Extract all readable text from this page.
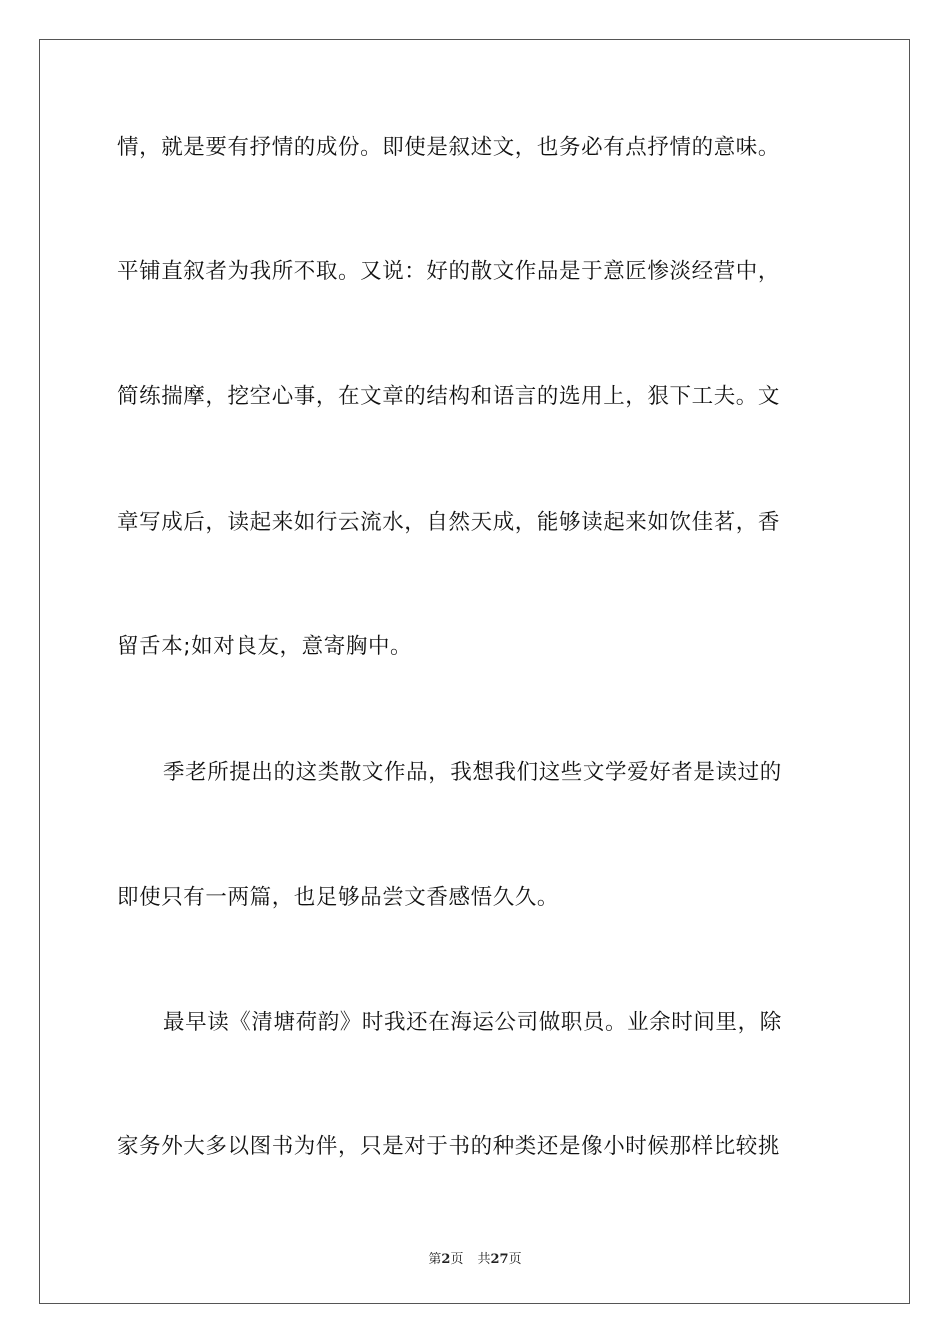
情，就是要有抒情的成份。即使是叙述文，也务必有点抒情的意味。
平铺直叙者为我所不取。又说：好的散文作品是于意匠惨淡经营中，
简练揣摩，挖空心事，在文章的结构和语言的选用上，狠下工夫。文
章写成后，读起来如行云流水，自然天成，能够读起来如饮佳茗，香
留舌本;如对良友，意寄胸中。
季老所提出的这类散文作品，我想我们这些文学爱好者是读过的
即使只有一两篇，也足够品尝文香感悟久久。
最早读《清塘荷韵》时我还在海运公司做职员。业余时间里，除
家务外大多以图书为伴，只是对于书的种类还是像小时候那样比较挑
第2页 共27页
